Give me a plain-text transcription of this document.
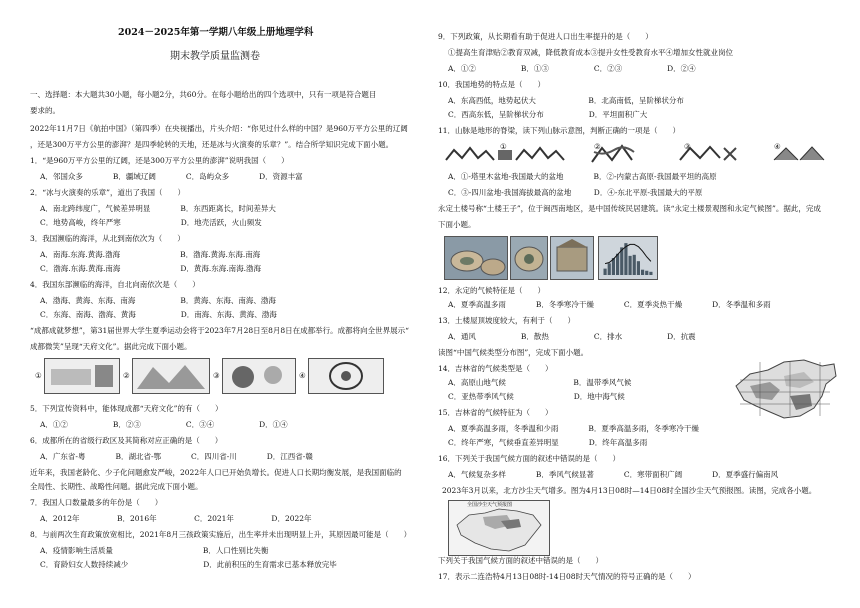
2024－2025年第一学期八年级上册地理学科
期末教学质量监测卷
一、选择题：本大题共30小题，每小题2分，共60分。在每小题给出的四个选项中，只有一项是符合题目
要求的。
2022年11月7日《航拍中国》（第四季）在央视播出，片头介绍：“你见过什么样的中国？是960万平方公里的辽阔
，还是300万平方公里的澎湃？是四季轮转的天地，还是冰与火演奏的乐章？”。结合所学知识完成下面小题。
1．“是960万平方公里的辽阔，还是300万平方公里的澎湃”说明我国（　　）
A．邻国众多　　　　B．疆域辽阔　　　　C．岛屿众多　　　　D．资源丰富
2．“冰与火演奏的乐章”，道出了我国（　　）
A．南北跨纬度广，气候差异明显　　　　B．东西距离长，时间差异大
C．地势高峻，终年严寒　　　　　　　　D．地壳活跃，火山频发
3．我国濒临的海洋，从北到南依次为（　　）
A．南海.东海.黄海.渤海　　　　　　　　B．渤海.黄海.东海.南海
C．渤海.东海.黄海.南海　　　　　　　　D．黄海.东海.南海.渤海
4．我国东部濒临的海洋，自北向南依次是（　　）
A．渤海、黄海、东海、南海　　　　　　B．黄海、东海、南海、渤海
C．东海、南海、渤海、黄海　　　　　　D．南海、东海、黄海、渤海
“成都成就梦想”，第31届世界大学生夏季运动会将于2023年7月28日至8月8日在成都举行。成都将向全世界展示“
成都微笑”呈现“天府文化”。据此完成下面小题。
①	②	③	④
5．下列宣传资料中，能体现成都“天府文化”的有（　　）
A．①②　　　　　　B．②③　　　　　　C．③④　　　　　　D．①④
6．成都所在的省级行政区及其简称对应正确的是（　　）
A．广东省-粤　　　　B．湖北省-鄂　　　　C．四川省-川　　　　D．江西省-赣
近年来，我国老龄化、少子化问题愈发严峻，2022年人口已开始负增长。促进人口长期均衡发展，是我国面临的
全局性、长期性、战略性问题。据此完成下面小题。
7．我国人口数量最多的年份是（　　）
A．2012年　　　　　B．2016年　　　　　C．2021年　　　　　D．2022年
8．与前两次生育政策放宽相比，2021年8月三孩政策实施后，出生率并未出现明显上升，其原因最可能是（　　）
A．疫情影响生活质量　　　　　　　　　　　　B．人口性别比失衡
C．育龄妇女人数持续减少　　　　　　　　　　D．此前积压的生育需求已基本释放完毕
9．下列政策，从长期看有助于促进人口出生率提升的是（　　）
①提高生育津贴②教育双减，降低教育成本③提升女性受教育水平④增加女性就业岗位
A．①②　　　　　　B．①③　　　　　　C．②③　　　　　　D．②④
10．我国地势的特点是（　　）
A．东高西低，地势起伏大　　　　　　　B．北高南低，呈阶梯状分布
C．西高东低，呈阶梯状分布　　　　　　D．平坦面积广大
11．山脉是地形的脊梁，读下列山脉示意图，判断正确的一项是（　　）
①	②	③	④
A．①-塔里木盆地-我国最大的盆地　　　　B．②-内蒙古高原-我国最平坦的高原
C．③-四川盆地-我国海拔最高的盆地　　　D．④-东北平原-我国最大的平原
永定土楼号称“土楼王子”，位于闽西南地区，是中国传统民居建筑。读“永定土楼景观图和永定气候图”。据此，完成
下面小题。
12．永定的气候特征是（　　）
A．夏季高温多雨　　　　B．冬季寒冷干燥　　　　C．夏季炎热干燥　　　　D．冬季温和多雨
13．土楼屋顶坡度较大，有利于（　　）
A．通风　　　　　　B．散热　　　　　　C．排水　　　　　　D．抗震
读图“中国气候类型分布图”，完成下面小题。
14．吉林省的气候类型是（　　）
A．高原山地气候　　　　　　　　　B．温带季风气候
C．亚热带季风气候　　　　　　　　D．地中海气候
15．吉林省的气候特征为（　　）
A．夏季高温多雨，冬季温和少雨　　　　B．夏季高温多雨，冬季寒冷干燥
C．终年严寒，气候垂直差异明显　　　　D．终年高温多雨
16．下列关于我国气候方面的叙述中错误的是（　　）
A．气候复杂多样　　　　B．季风气候显著　　　　C．寒带面积广阔　　　　D．夏季盛行偏南风
2023年3月以来，北方沙尘天气增多。图为4月13日08时—14日08时全国沙尘天气预报图。读图，完成各小题。
全国沙尘天气预报图
下列关于我国气候方面的叙述中错误的是（　　）
17．表示二连浩特4月13日08时-14日08时天气情况的符号正确的是（　　）
